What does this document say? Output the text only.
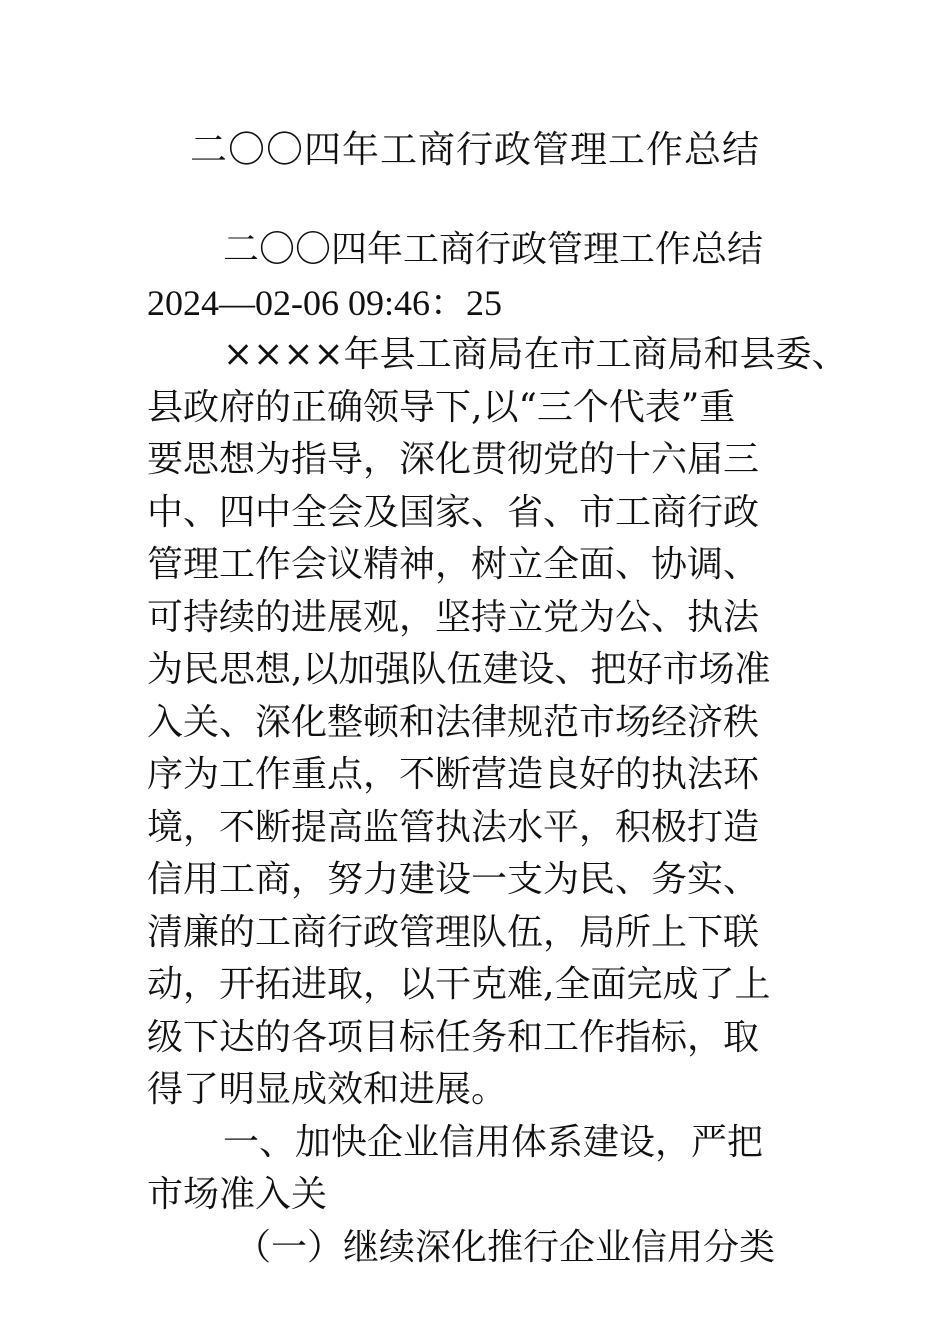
二〇〇四年工商行政管理工作总结
二〇〇四年工商行政管理工作总结
2024—02-06 09:46：25
××××年县工商局在市工商局和县委、
县政府的正确领导下,以“三个代表”重
要思想为指导，深化贯彻党的十六届三
中、四中全会及国家、省、市工商行政
管理工作会议精神，树立全面、协调、
可持续的进展观，坚持立党为公、执法
为民思想,以加强队伍建设、把好市场准
入关、深化整顿和法律规范市场经济秩
序为工作重点，不断营造良好的执法环
境，不断提高监管执法水平，积极打造
信用工商，努力建设一支为民、务实、
清廉的工商行政管理队伍，局所上下联
动，开拓进取，以干克难,全面完成了上
级下达的各项目标任务和工作指标，取
得了明显成效和进展。
一、加快企业信用体系建设，严把
市场准入关
（一）继续深化推行企业信用分类
